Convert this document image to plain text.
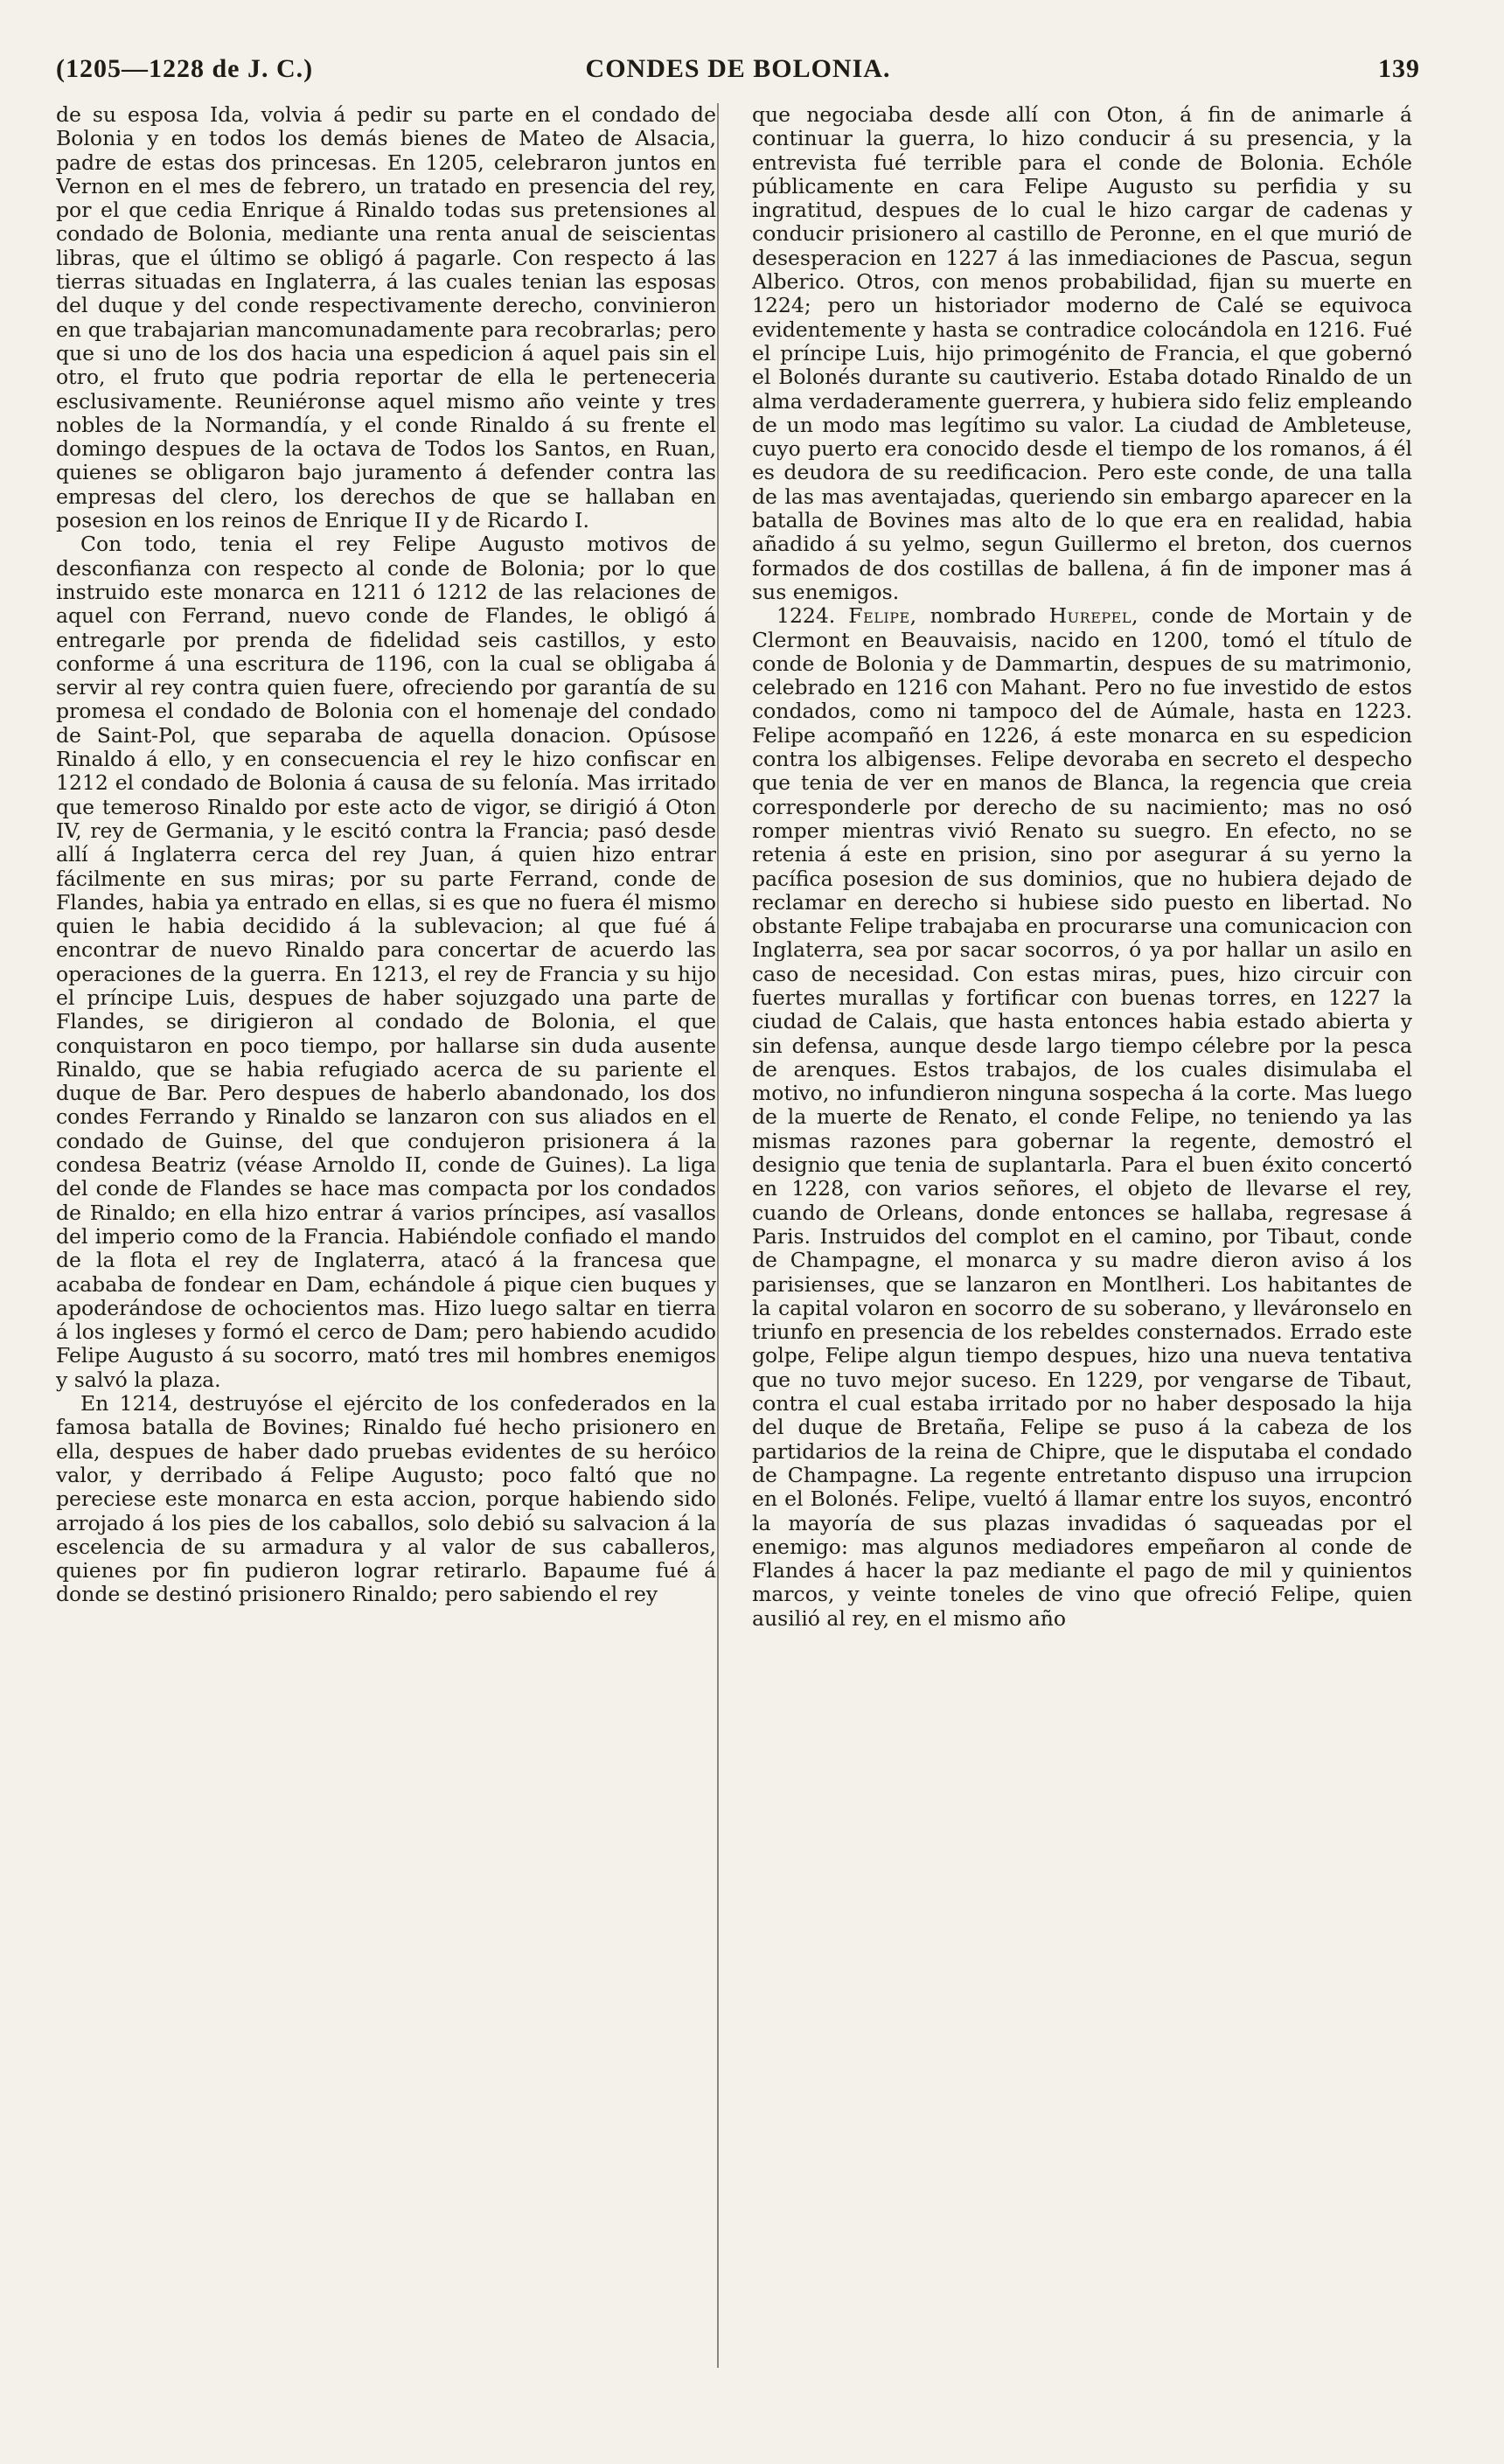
(1205—1228 de J. C.)	CONDES DE BOLONIA.	139

de su esposa Ida, volvia á pedir su parte en el condado de Bolonia y en todos los demás bienes de Mateo de Alsacia, padre de estas dos princesas. En 1205, celebraron juntos en Vernon en el mes de febrero, un tratado en presencia del rey, por el que cedia Enrique á Rinaldo todas sus pretensiones al condado de Bolonia, mediante una renta anual de seiscientas libras, que el último se obligó á pagarle. Con respecto á las tierras situadas en Inglaterra, á las cuales tenian las esposas del duque y del conde respectivamente derecho, convinieron en que trabajarian mancomunadamente para recobrarlas; pero que si uno de los dos hacia una espedicion á aquel pais sin el otro, el fruto que podria reportar de ella le perteneceria esclusivamente. Reuniéronse aquel mismo año veinte y tres nobles de la Normandía, y el conde Rinaldo á su frente el domingo despues de la octava de Todos los Santos, en Ruan, quienes se obligaron bajo juramento á defender contra las empresas del clero, los derechos de que se hallaban en posesion en los reinos de Enrique II y de Ricardo I.

Con todo, tenia el rey Felipe Augusto motivos de desconfianza con respecto al conde de Bolonia; por lo que instruido este monarca en 1211 ó 1212 de las relaciones de aquel con Ferrand, nuevo conde de Flandes, le obligó á entregarle por prenda de fidelidad seis castillos, y esto conforme á una escritura de 1196, con la cual se obligaba á servir al rey contra quien fuere, ofreciendo por garantía de su promesa el condado de Bolonia con el homenaje del condado de Saint-Pol, que separaba de aquella donacion. Opúsose Rinaldo á ello, y en consecuencia el rey le hizo confiscar en 1212 el condado de Bolonia á causa de su felonía. Mas irritado que temeroso Rinaldo por este acto de vigor, se dirigió á Oton IV, rey de Germania, y le escitó contra la Francia; pasó desde allí á Inglaterra cerca del rey Juan, á quien hizo entrar fácilmente en sus miras; por su parte Ferrand, conde de Flandes, habia ya entrado en ellas, si es que no fuera él mismo quien le habia decidido á la sublevacion; al que fué á encontrar de nuevo Rinaldo para concertar de acuerdo las operaciones de la guerra. En 1213, el rey de Francia y su hijo el príncipe Luis, despues de haber sojuzgado una parte de Flandes, se dirigieron al condado de Bolonia, el que conquistaron en poco tiempo, por hallarse sin duda ausente Rinaldo, que se habia refugiado acerca de su pariente el duque de Bar. Pero despues de haberlo abandonado, los dos condes Ferrando y Rinaldo se lanzaron con sus aliados en el condado de Guinse, del que condujeron prisionera á la condesa Beatriz (véase Arnoldo II, conde de Guines). La liga del conde de Flandes se hace mas compacta por los condados de Rinaldo; en ella hizo entrar á varios príncipes, así vasallos del imperio como de la Francia. Habiéndole confiado el mando de la flota el rey de Inglaterra, atacó á la francesa que acababa de fondear en Dam, echándole á pique cien buques y apoderándose de ochocientos mas. Hizo luego saltar en tierra á los ingleses y formó el cerco de Dam; pero habiendo acudido Felipe Augusto á su socorro, mató tres mil hombres enemigos y salvó la plaza.

En 1214, destruyóse el ejército de los confederados en la famosa batalla de Bovines; Rinaldo fué hecho prisionero en ella, despues de haber dado pruebas evidentes de su heróico valor, y derribado á Felipe Augusto; poco faltó que no pereciese este monarca en esta accion, porque habiendo sido arrojado á los pies de los caballos, solo debió su salvacion á la escelencia de su armadura y al valor de sus caballeros, quienes por fin pudieron lograr retirarlo. Bapaume fué á donde se destinó prisionero Rinaldo; pero sabiendo el rey

que negociaba desde allí con Oton, á fin de animarle á continuar la guerra, lo hizo conducir á su presencia, y la entrevista fué terrible para el conde de Bolonia. Echóle públicamente en cara Felipe Augusto su perfidia y su ingratitud, despues de lo cual le hizo cargar de cadenas y conducir prisionero al castillo de Peronne, en el que murió de desesperacion en 1227 á las inmediaciones de Pascua, segun Alberico. Otros, con menos probabilidad, fijan su muerte en 1224; pero un historiador moderno de Calé se equivoca evidentemente y hasta se contradice colocándola en 1216. Fué el príncipe Luis, hijo primogénito de Francia, el que gobernó el Bolonés durante su cautiverio. Estaba dotado Rinaldo de un alma verdaderamente guerrera, y hubiera sido feliz empleando de un modo mas legítimo su valor. La ciudad de Ambleteuse, cuyo puerto era conocido desde el tiempo de los romanos, á él es deudora de su reedificacion. Pero este conde, de una talla de las mas aventajadas, queriendo sin embargo aparecer en la batalla de Bovines mas alto de lo que era en realidad, habia añadido á su yelmo, segun Guillermo el breton, dos cuernos formados de dos costillas de ballena, á fin de imponer mas á sus enemigos.

1224. Felipe, nombrado Hurepel, conde de Mortain y de Clermont en Beauvaisis, nacido en 1200, tomó el título de conde de Bolonia y de Dammartin, despues de su matrimonio, celebrado en 1216 con Mahant. Pero no fue investido de estos condados, como ni tampoco del de Aúmale, hasta en 1223. Felipe acompañó en 1226, á este monarca en su espedicion contra los albigenses. Felipe devoraba en secreto el despecho que tenia de ver en manos de Blanca, la regencia que creia corresponderle por derecho de su nacimiento; mas no osó romper mientras vivió Renato su suegro. En efecto, no se retenia á este en prision, sino por asegurar á su yerno la pacífica posesion de sus dominios, que no hubiera dejado de reclamar en derecho si hubiese sido puesto en libertad. No obstante Felipe trabajaba en procurarse una comunicacion con Inglaterra, sea por sacar socorros, ó ya por hallar un asilo en caso de necesidad. Con estas miras, pues, hizo circuir con fuertes murallas y fortificar con buenas torres, en 1227 la ciudad de Calais, que hasta entonces habia estado abierta y sin defensa, aunque desde largo tiempo célebre por la pesca de arenques. Estos trabajos, de los cuales disimulaba el motivo, no infundieron ninguna sospecha á la corte. Mas luego de la muerte de Renato, el conde Felipe, no teniendo ya las mismas razones para gobernar la regente, demostró el designio que tenia de suplantarla. Para el buen éxito concertó en 1228, con varios señores, el objeto de llevarse el rey, cuando de Orleans, donde entonces se hallaba, regresase á Paris. Instruidos del complot en el camino, por Tibaut, conde de Champagne, el monarca y su madre dieron aviso á los parisienses, que se lanzaron en Montlheri. Los habitantes de la capital volaron en socorro de su soberano, y lleváronselo en triunfo en presencia de los rebeldes consternados. Errado este golpe, Felipe algun tiempo despues, hizo una nueva tentativa que no tuvo mejor suceso. En 1229, por vengarse de Tibaut, contra el cual estaba irritado por no haber desposado la hija del duque de Bretaña, Felipe se puso á la cabeza de los partidarios de la reina de Chipre, que le disputaba el condado de Champagne. La regente entretanto dispuso una irrupcion en el Bolonés. Felipe, vueltó á llamar entre los suyos, encontró la mayoría de sus plazas invadidas ó saqueadas por el enemigo: mas algunos mediadores empeñaron al conde de Flandes á hacer la paz mediante el pago de mil y quinientos marcos, y veinte toneles de vino que ofreció Felipe, quien ausilió al rey, en el mismo año
